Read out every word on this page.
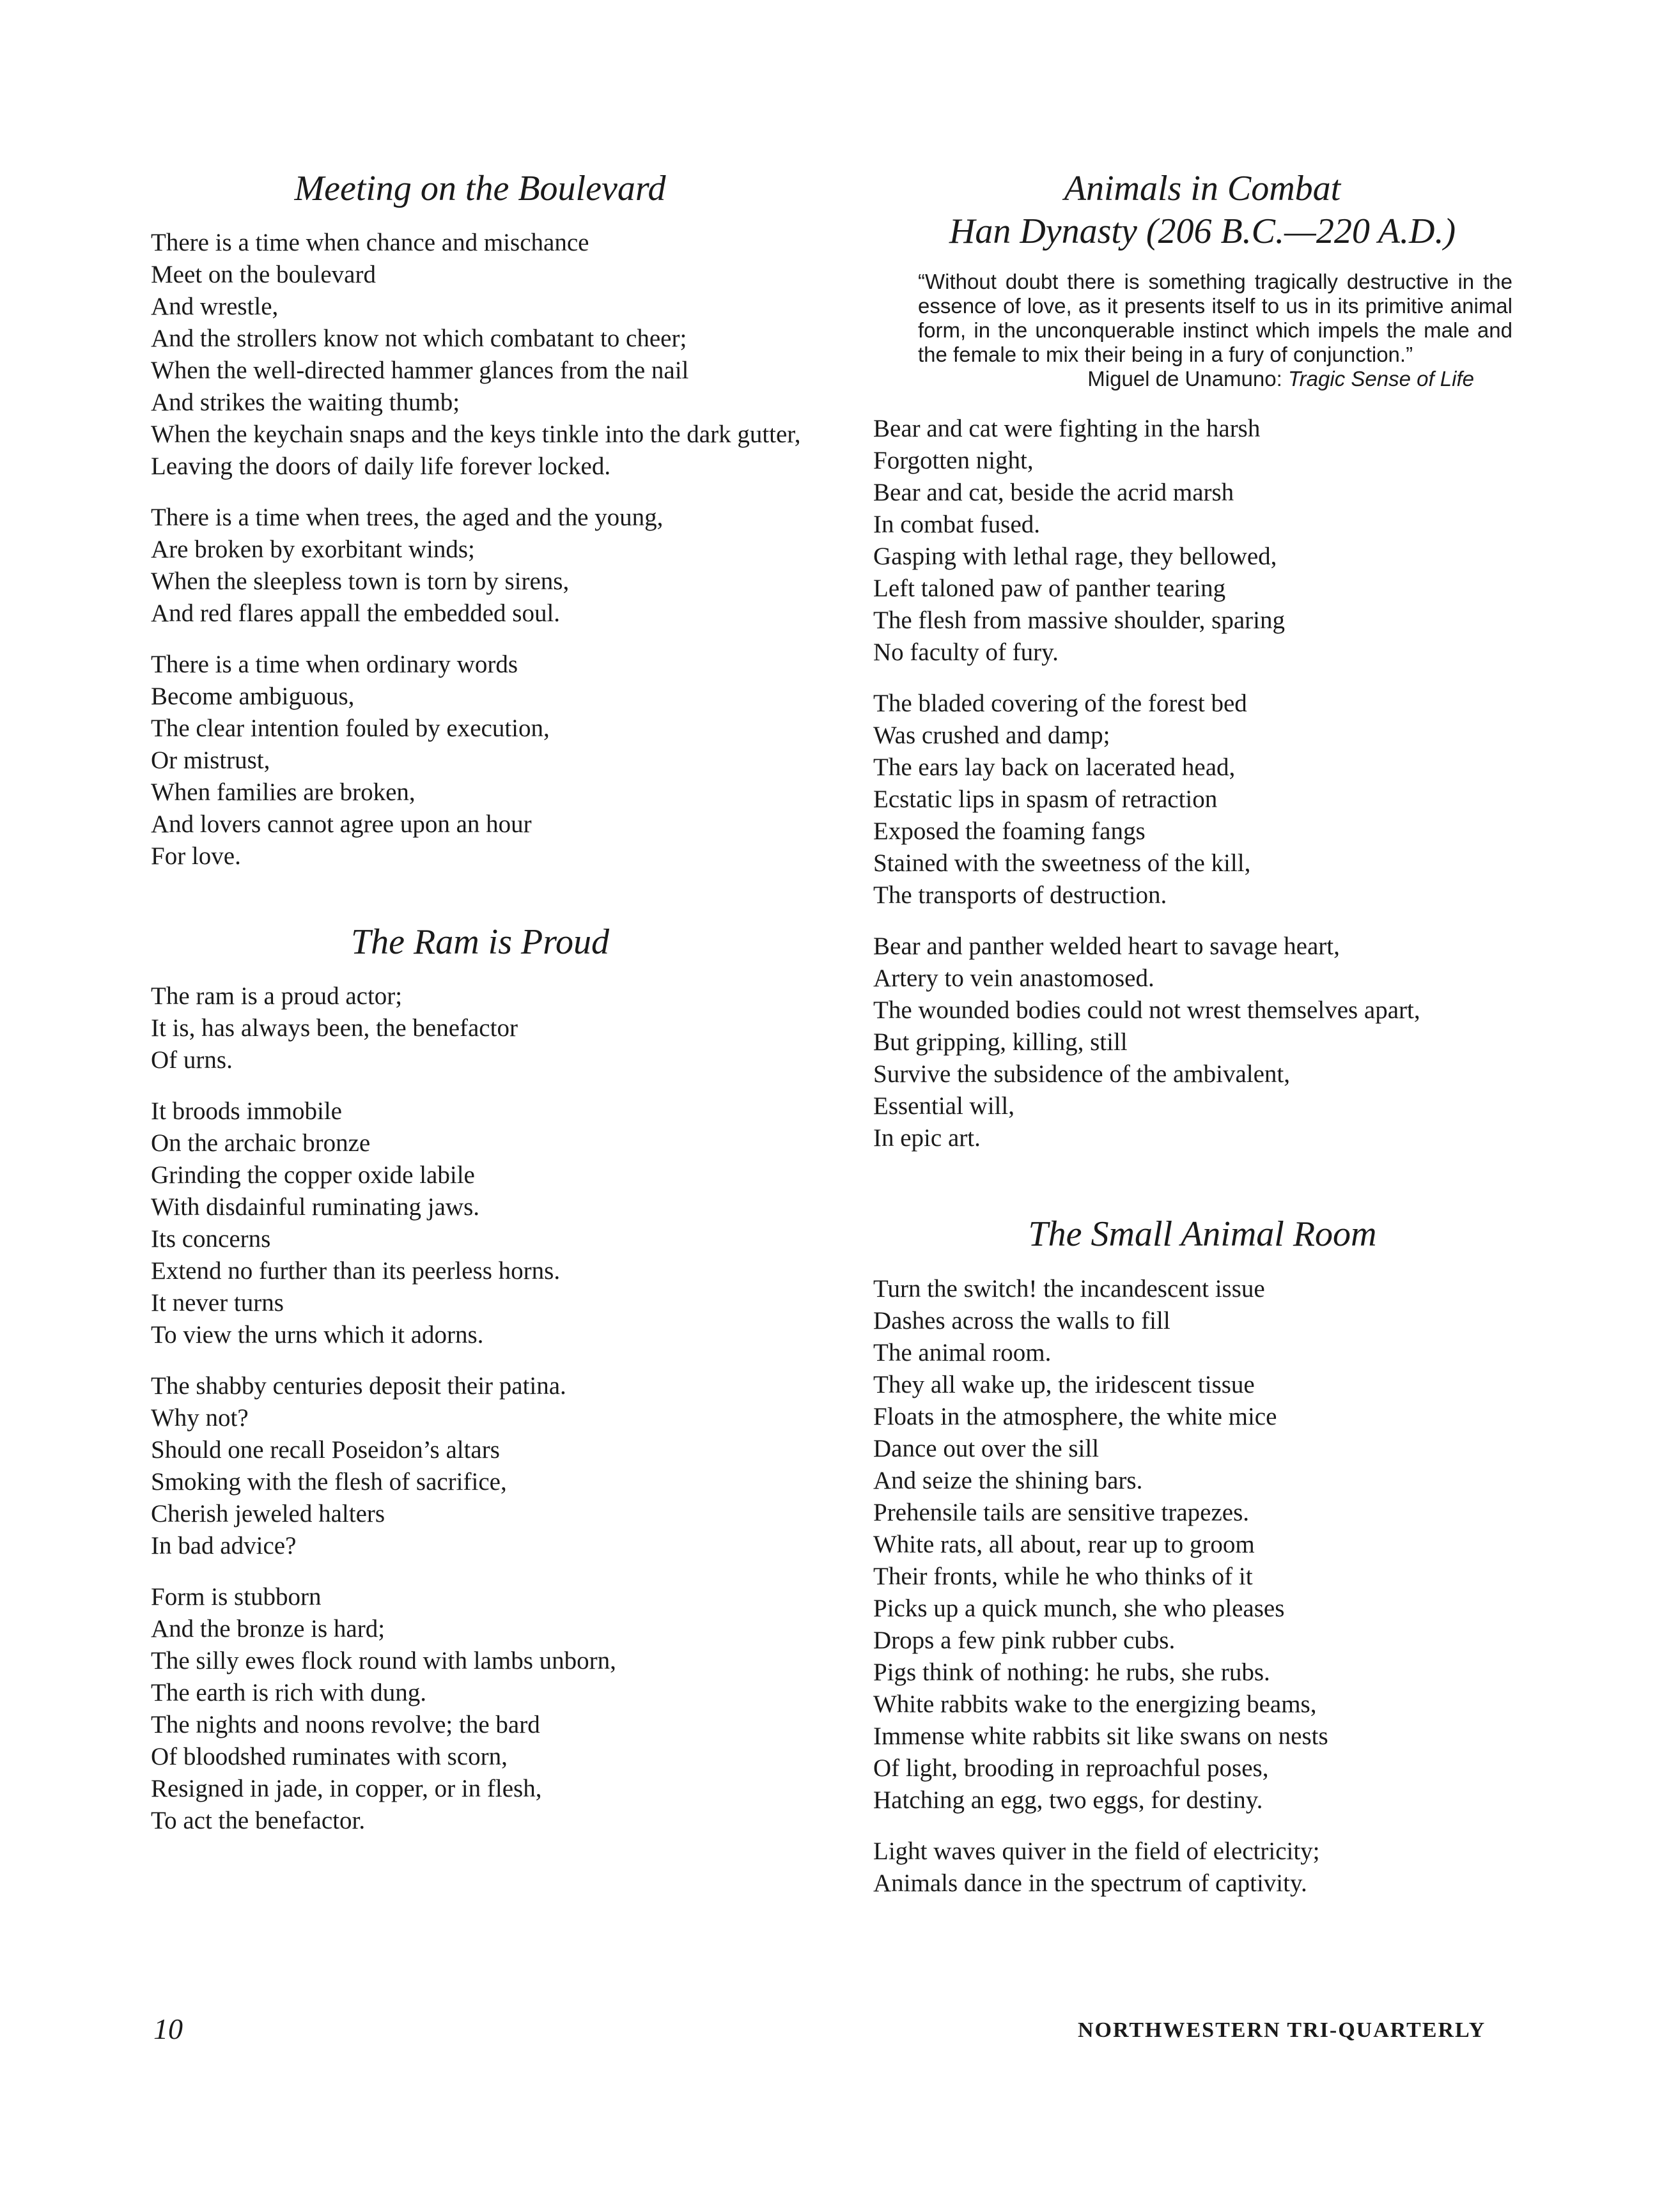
Meeting on the Boulevard
There is a time when chance and mischance
Meet on the boulevard
And wrestle,
And the strollers know not which combatant to cheer;
When the well-directed hammer glances from the nail
And strikes the waiting thumb;
When the keychain snaps and the keys tinkle into the dark gutter,
Leaving the doors of daily life forever locked.
There is a time when trees, the aged and the young,
Are broken by exorbitant winds;
When the sleepless town is torn by sirens,
And red flares appall the embedded soul.
There is a time when ordinary words
Become ambiguous,
The clear intention fouled by execution,
Or mistrust,
When families are broken,
And lovers cannot agree upon an hour
For love.
The Ram is Proud
The ram is a proud actor;
It is, has always been, the benefactor
Of urns.
It broods immobile
On the archaic bronze
Grinding the copper oxide labile
With disdainful ruminating jaws.
Its concerns
Extend no further than its peerless horns.
It never turns
To view the urns which it adorns.
The shabby centuries deposit their patina.
Why not?
Should one recall Poseidon’s altars
Smoking with the flesh of sacrifice,
Cherish jeweled halters
In bad advice?
Form is stubborn
And the bronze is hard;
The silly ewes flock round with lambs unborn,
The earth is rich with dung.
The nights and noons revolve; the bard
Of bloodshed ruminates with scorn,
Resigned in jade, in copper, or in flesh,
To act the benefactor.
Animals in Combat
Han Dynasty (206 B.C.—220 A.D.)
“Without doubt there is something tragically destructive in the essence of love, as it presents itself to us in its primitive animal form, in the unconquerable instinct which impels the male and the female to mix their being in a fury of conjunction.”
Miguel de Unamuno: Tragic Sense of Life
Bear and cat were fighting in the harsh
Forgotten night,
Bear and cat, beside the acrid marsh
In combat fused.
Gasping with lethal rage, they bellowed,
Left taloned paw of panther tearing
The flesh from massive shoulder, sparing
No faculty of fury.
The bladed covering of the forest bed
Was crushed and damp;
The ears lay back on lacerated head,
Ecstatic lips in spasm of retraction
Exposed the foaming fangs
Stained with the sweetness of the kill,
The transports of destruction.
Bear and panther welded heart to savage heart,
Artery to vein anastomosed.
The wounded bodies could not wrest themselves apart,
But gripping, killing, still
Survive the subsidence of the ambivalent,
Essential will,
In epic art.
The Small Animal Room
Turn the switch! the incandescent issue
Dashes across the walls to fill
The animal room.
They all wake up, the iridescent tissue
Floats in the atmosphere, the white mice
Dance out over the sill
And seize the shining bars.
Prehensile tails are sensitive trapezes.
White rats, all about, rear up to groom
Their fronts, while he who thinks of it
Picks up a quick munch, she who pleases
Drops a few pink rubber cubs.
Pigs think of nothing: he rubs, she rubs.
White rabbits wake to the energizing beams,
Immense white rabbits sit like swans on nests
Of light, brooding in reproachful poses,
Hatching an egg, two eggs, for destiny.
Light waves quiver in the field of electricity;
Animals dance in the spectrum of captivity.
10	NORTHWESTERN TRI-QUARTERLY
